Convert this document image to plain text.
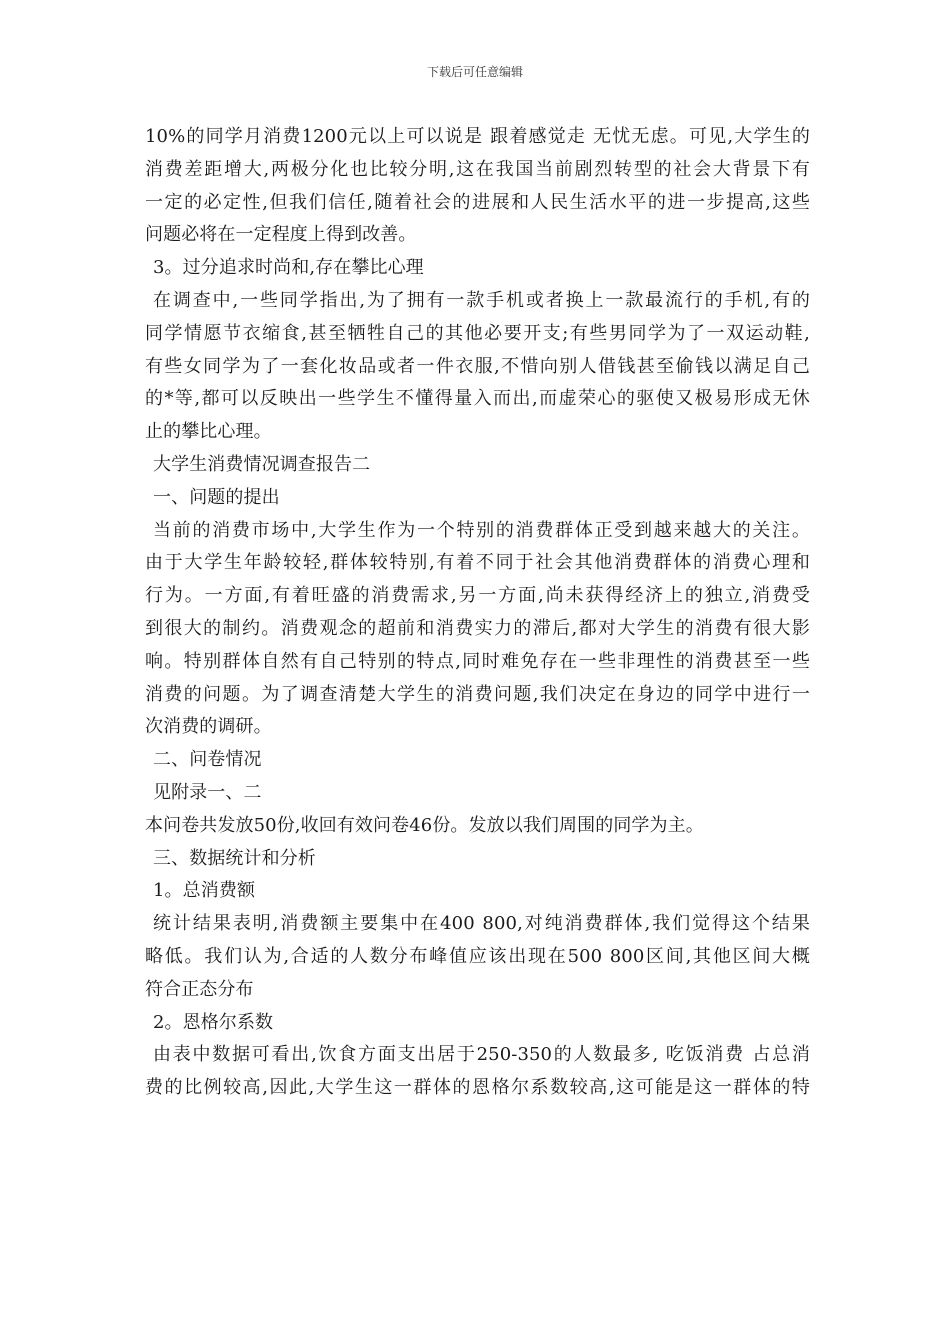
下载后可任意编辑
10%的同学月消费1200元以上可以说是 跟着感觉走 无忧无虑。可见,大学生的
消费差距增大,两极分化也比较分明,这在我国当前剧烈转型的社会大背景下有
一定的必定性,但我们信任,随着社会的进展和人民生活水平的进一步提高,这些
问题必将在一定程度上得到改善。
3。过分追求时尚和,存在攀比心理
在调查中,一些同学指出,为了拥有一款手机或者换上一款最流行的手机,有的
同学情愿节衣缩食,甚至牺牲自己的其他必要开支;有些男同学为了一双运动鞋,
有些女同学为了一套化妆品或者一件衣服,不惜向别人借钱甚至偷钱以满足自己
的*等,都可以反映出一些学生不懂得量入而出,而虚荣心的驱使又极易形成无休
止的攀比心理。
大学生消费情况调查报告二
一、问题的提出
当前的消费市场中,大学生作为一个特别的消费群体正受到越来越大的关注。
由于大学生年龄较轻,群体较特别,有着不同于社会其他消费群体的消费心理和
行为。一方面,有着旺盛的消费需求,另一方面,尚未获得经济上的独立,消费受
到很大的制约。消费观念的超前和消费实力的滞后,都对大学生的消费有很大影
响。特别群体自然有自己特别的特点,同时难免存在一些非理性的消费甚至一些
消费的问题。为了调查清楚大学生的消费问题,我们决定在身边的同学中进行一
次消费的调研。
二、问卷情况
见附录一、二
本问卷共发放50份,收回有效问卷46份。发放以我们周围的同学为主。
三、数据统计和分析
1。总消费额
统计结果表明,消费额主要集中在400 800,对纯消费群体,我们觉得这个结果
略低。我们认为,合适的人数分布峰值应该出现在500 800区间,其他区间大概
符合正态分布
2。恩格尔系数
由表中数据可看出,饮食方面支出居于250-350的人数最多, 吃饭消费 占总消
费的比例较高,因此,大学生这一群体的恩格尔系数较高,这可能是这一群体的特
